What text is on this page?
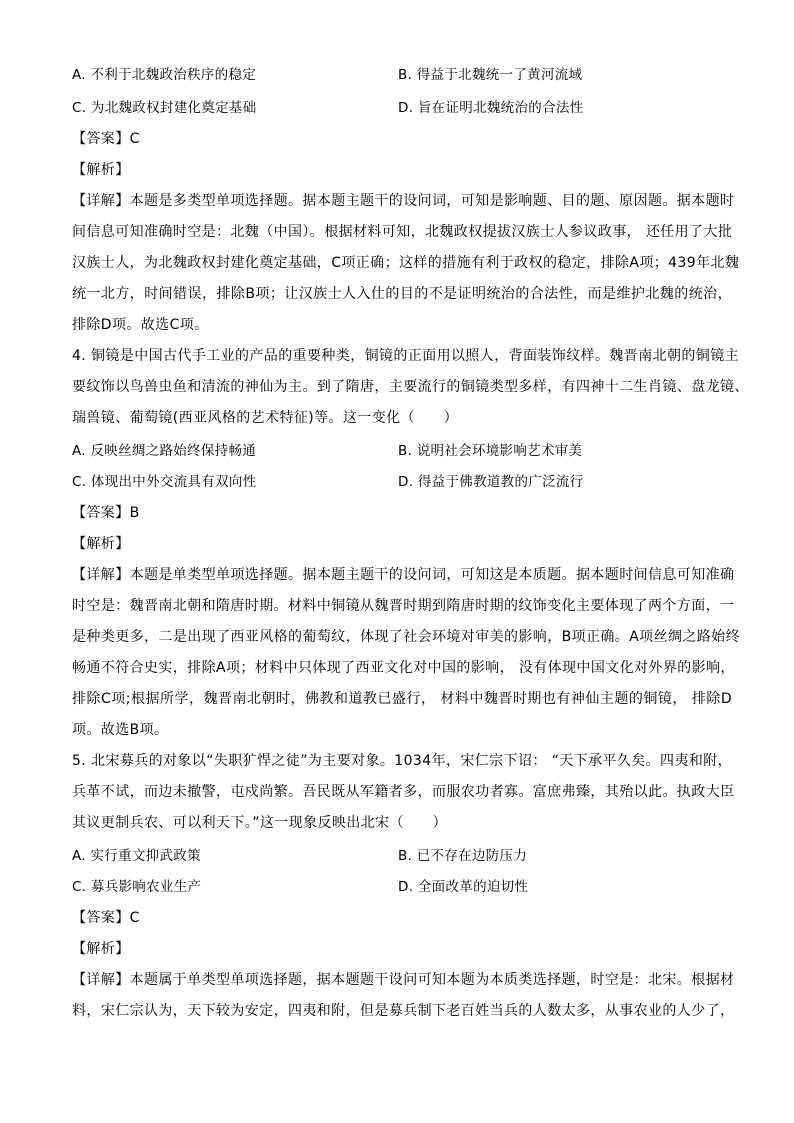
A. 不利于北魏政治秩序的稳定	B. 得益于北魏统一了黄河流域
C. 为北魏政权封建化奠定基础	D. 旨在证明北魏统治的合法性
【答案】C
【解析】
【详解】本题是多类型单项选择题。据本题主题干的设问词，可知是影响题、目的题、原因题。据本题时
间信息可知准确时空是：北魏（中国）。根据材料可知，北魏政权提拔汉族士人参议政事， 还任用了大批
汉族士人，为北魏政权封建化奠定基础，C项正确；这样的措施有利于政权的稳定，排除A项；439年北魏
统一北方，时间错误，排除B项；让汉族士人入仕的目的不是证明统治的合法性，而是维护北魏的统治，
排除D项。故选C项。
4. 铜镜是中国古代手工业的产品的重要种类，铜镜的正面用以照人，背面装饰纹样。魏晋南北朝的铜镜主
要纹饰以鸟兽虫鱼和清流的神仙为主。到了隋唐，主要流行的铜镜类型多样，有四神十二生肖镜、盘龙镜、
瑞兽镜、葡萄镜(西亚风格的艺术特征)等。这一变化（　　）
A. 反映丝绸之路始终保持畅通	B. 说明社会环境影响艺术审美
C. 体现出中外交流具有双向性	D. 得益于佛教道教的广泛流行
【答案】B
【解析】
【详解】本题是单类型单项选择题。据本题主题干的设问词，可知这是本质题。据本题时间信息可知准确
时空是：魏晋南北朝和隋唐时期。材料中铜镜从魏晋时期到隋唐时期的纹饰变化主要体现了两个方面，一
是种类更多，二是出现了西亚风格的葡萄纹，体现了社会环境对审美的影响，B项正确。A项丝绸之路始终
畅通不符合史实，排除A项；材料中只体现了西亚文化对中国的影响， 没有体现中国文化对外界的影响，
排除C项;根据所学，魏晋南北朝时，佛教和道教已盛行， 材料中魏晋时期也有神仙主题的铜镜， 排除D
项。故选B项。
5. 北宋募兵的对象以“失职犷悍之徒”为主要对象。1034年，宋仁宗下诏： “天下承平久矣。四夷和附，
兵革不试，而边未撤警，屯戍尚繁。吾民既从军籍者多，而服农功者寡。富庶弗臻，其殆以此。执政大臣
其议更制兵农、可以利天下。”这一现象反映出北宋（　　）
A. 实行重文抑武政策	B. 已不存在边防压力
C. 募兵影响农业生产	D. 全面改革的迫切性
【答案】C
【解析】
【详解】本题属于单类型单项选择题，据本题题干设问可知本题为本质类选择题，时空是：北宋。根据材
料，宋仁宗认为，天下较为安定，四夷和附，但是募兵制下老百姓当兵的人数太多，从事农业的人少了，
